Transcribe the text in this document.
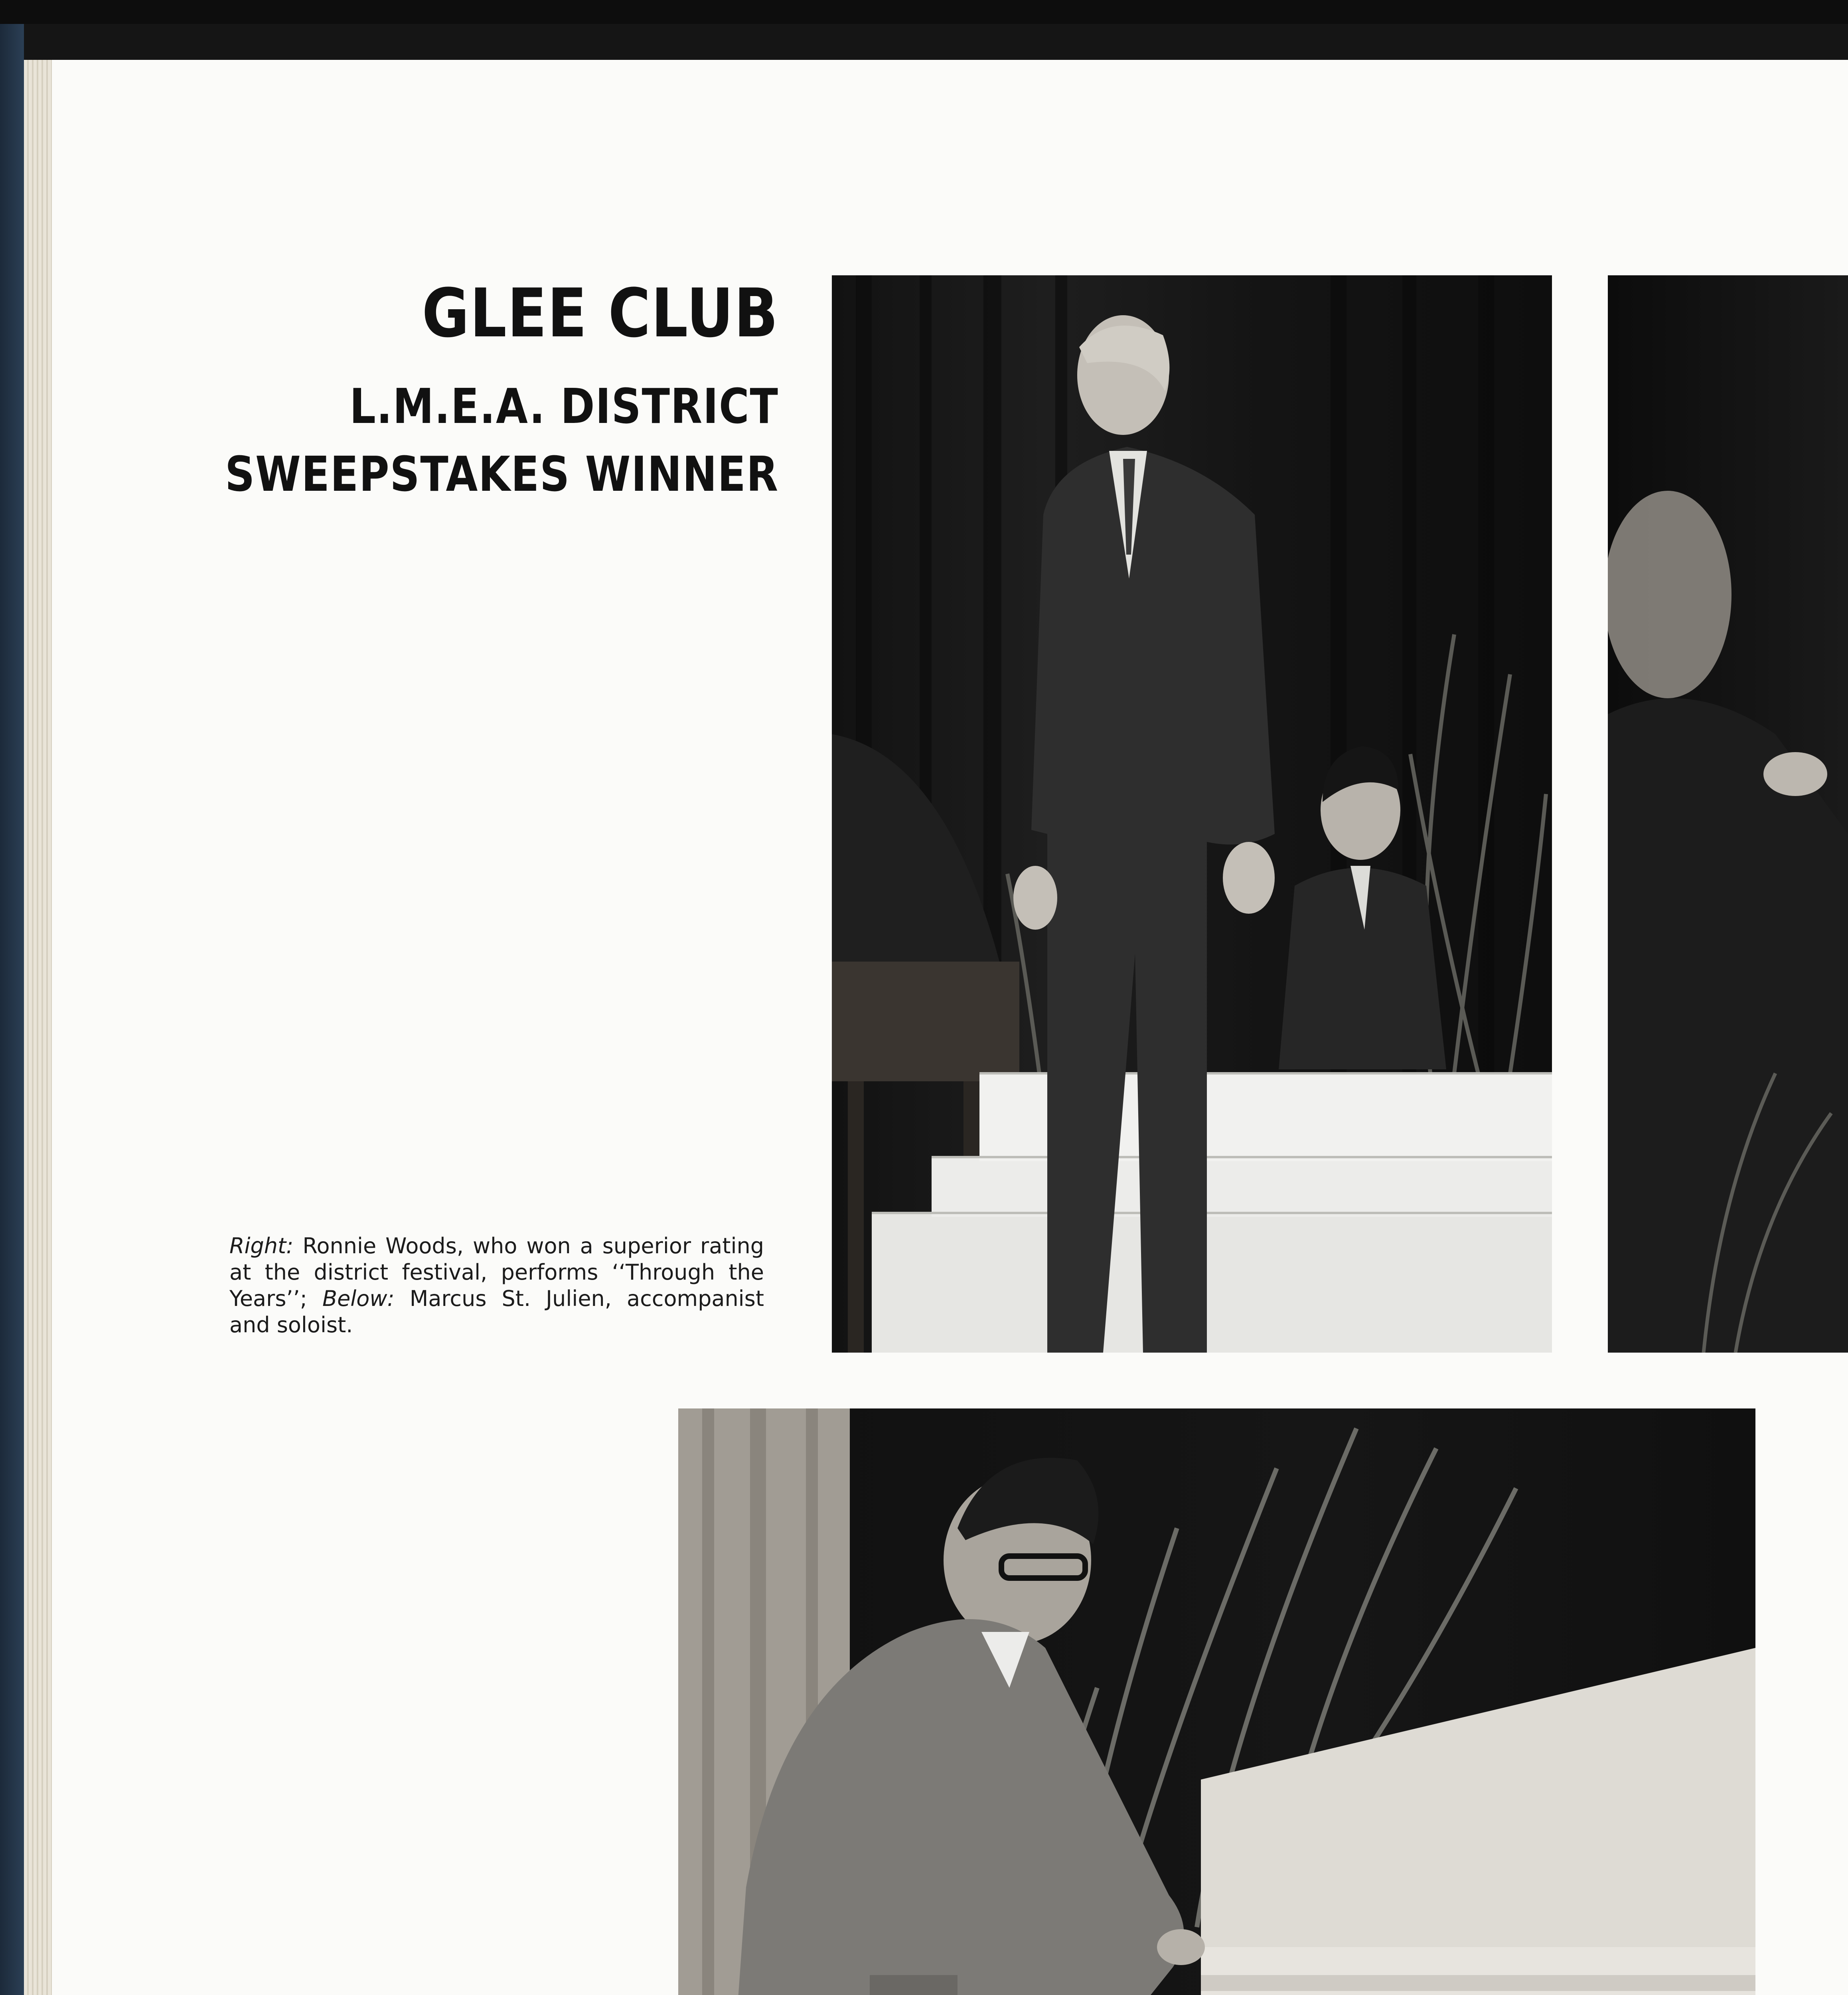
GLEE CLUB
L.M.E.A. DISTRICT
SWEEPSTAKES WINNER
Right: Ronnie Woods, who won a superior rating at the district festival, performs ‘‘Through the Years’’; Below: Marcus St. Julien, accompanist and soloist.
